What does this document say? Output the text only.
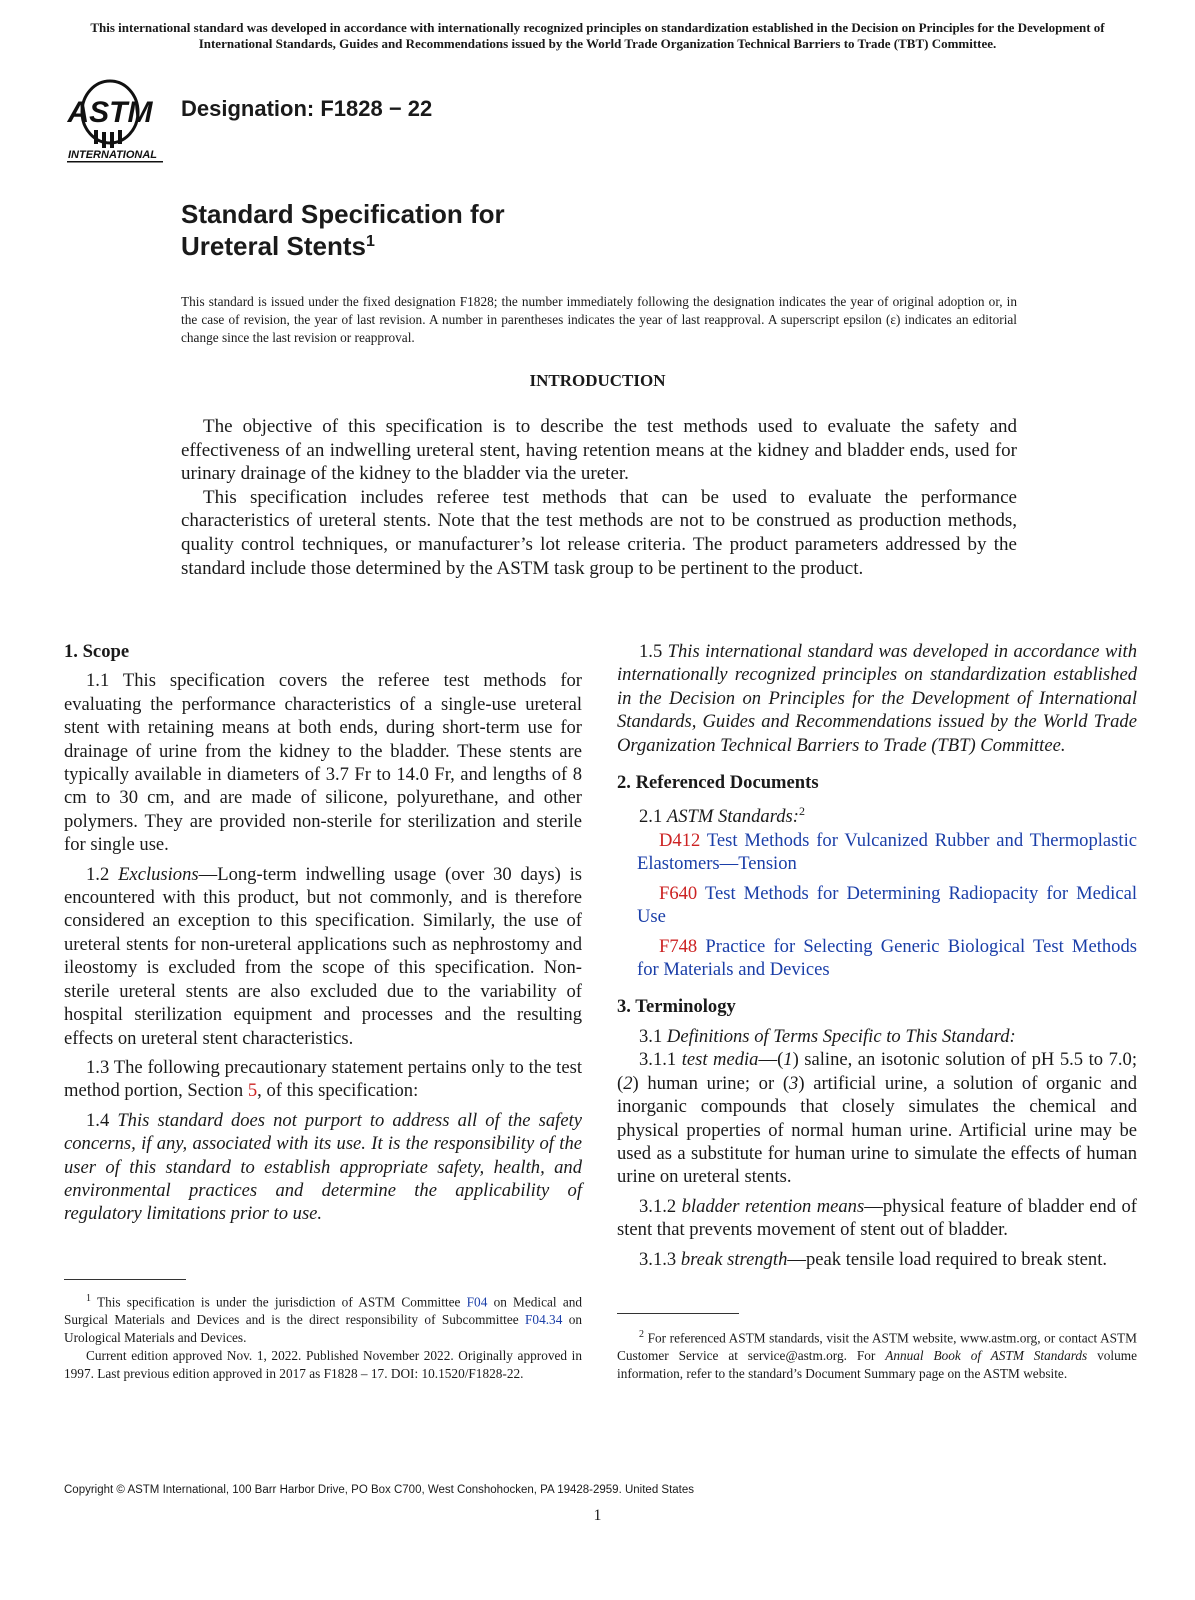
This international standard was developed in accordance with internationally recognized principles on standardization established in the Decision on Principles for the Development of International Standards, Guides and Recommendations issued by the World Trade Organization Technical Barriers to Trade (TBT) Committee.
ASTM
INTERNATIONAL
Designation: F1828 − 22
Standard Specification for
Ureteral Stents$^1$
This standard is issued under the fixed designation F1828; the number immediately following the designation indicates the year of original adoption or, in the case of revision, the year of last revision. A number in parentheses indicates the year of last reapproval. A superscript epsilon (ε) indicates an editorial change since the last revision or reapproval.
INTRODUCTION

The objective of this specification is to describe the test methods used to evaluate the safety and effectiveness of an indwelling ureteral stent, having retention means at the kidney and bladder ends, used for urinary drainage of the kidney to the bladder via the ureter.

This specification includes referee test methods that can be used to evaluate the performance characteristics of ureteral stents. Note that the test methods are not to be construed as production methods, quality control techniques, or manufacturer’s lot release criteria. The product parameters addressed by the standard include those determined by the ASTM task group to be pertinent to the product.

1. Scope

1.1 This specification covers the referee test methods for evaluating the performance characteristics of a single-use ureteral stent with retaining means at both ends, during short-term use for drainage of urine from the kidney to the bladder. These stents are typically available in diameters of 3.7 Fr to 14.0 Fr, and lengths of 8 cm to 30 cm, and are made of silicone, polyurethane, and other polymers. They are provided non-sterile for sterilization and sterile for single use.

1.2 Exclusions—Long-term indwelling usage (over 30 days) is encountered with this product, but not commonly, and is therefore considered an exception to this specification. Similarly, the use of ureteral stents for non-ureteral applications such as nephrostomy and ileostomy is excluded from the scope of this specification. Non-sterile ureteral stents are also excluded due to the variability of hospital sterilization equipment and processes and the resulting effects on ureteral stent characteristics.

1.3 The following precautionary statement pertains only to the test method portion, Section 5, of this specification:

1.4 This standard does not purport to address all of the safety concerns, if any, associated with its use. It is the responsibility of the user of this standard to establish appropriate safety, health, and environmental practices and determine the applicability of regulatory limitations prior to use.

1.5 This international standard was developed in accordance with internationally recognized principles on standardization established in the Decision on Principles for the Development of International Standards, Guides and Recommendations issued by the World Trade Organization Technical Barriers to Trade (TBT) Committee.

2. Referenced Documents

2.1 ASTM Standards:$^2$

D412 Test Methods for Vulcanized Rubber and Thermoplastic Elastomers—Tension

F640 Test Methods for Determining Radiopacity for Medical Use

F748 Practice for Selecting Generic Biological Test Methods for Materials and Devices

3. Terminology

3.1 Definitions of Terms Specific to This Standard:

3.1.1 test media—(1) saline, an isotonic solution of pH 5.5 to 7.0; (2) human urine; or (3) artificial urine, a solution of organic and inorganic compounds that closely simulates the chemical and physical properties of normal human urine. Artificial urine may be used as a substitute for human urine to simulate the effects of human urine on ureteral stents.

3.1.2 bladder retention means—physical feature of bladder end of stent that prevents movement of stent out of bladder.

3.1.3 break strength—peak tensile load required to break stent.

$^1$ This specification is under the jurisdiction of ASTM Committee F04 on Medical and Surgical Materials and Devices and is the direct responsibility of Subcommittee F04.34 on Urological Materials and Devices.

Current edition approved Nov. 1, 2022. Published November 2022. Originally approved in 1997. Last previous edition approved in 2017 as F1828 – 17. DOI: 10.1520/F1828-22.

$^2$ For referenced ASTM standards, visit the ASTM website, www.astm.org, or contact ASTM Customer Service at service@astm.org. For Annual Book of ASTM Standards volume information, refer to the standard’s Document Summary page on the ASTM website.

Copyright © ASTM International, 100 Barr Harbor Drive, PO Box C700, West Conshohocken, PA 19428-2959. United States
1
